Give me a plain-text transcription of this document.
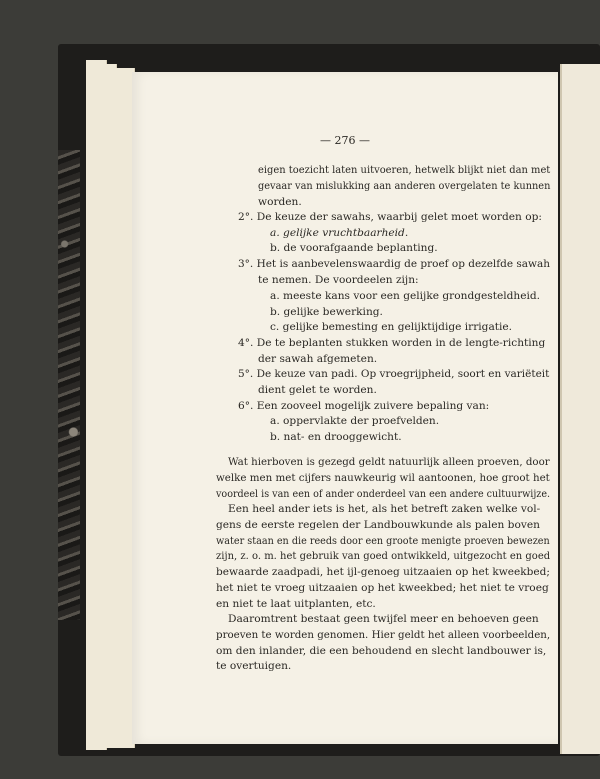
— 276 —
eigen toezicht laten uitvoeren, hetwelk blijkt niet dan met
gevaar van mislukking aan anderen overgelaten te kunnen
worden.
2°. De keuze der sawahs, waarbij gelet moet worden op:
a. gelijke vruchtbaarheid.
b. de voorafgaande beplanting.
3°. Het is aanbevelenswaardig de proef op dezelfde sawah
te nemen. De voordeelen zijn:
a. meeste kans voor een gelijke grondgesteldheid.
b. gelijke bewerking.
c. gelijke bemesting en gelijktijdige irrigatie.
4°. De te beplanten stukken worden in de lengte-richting
der sawah afgemeten.
5°. De keuze van padi. Op vroegrijpheid, soort en variëteit
dient gelet te worden.
6°. Een zooveel mogelijk zuivere bepaling van:
a. oppervlakte der proefvelden.
b. nat- en drooggewicht.
Wat hierboven is gezegd geldt natuurlijk alleen proeven, door
welke men met cijfers nauwkeurig wil aantoonen, hoe groot het
voordeel is van een of ander onderdeel van een andere cultuurwijze.
Een heel ander iets is het, als het betreft zaken welke vol-
gens de eerste regelen der Landbouwkunde als palen boven
water staan en die reeds door een groote menigte proeven bewezen
zijn, z. o. m. het gebruik van goed ontwikkeld, uitgezocht en goed
bewaarde zaadpadi, het ijl-genoeg uitzaaien op het kweekbed;
het niet te vroeg uitzaaien op het kweekbed; het niet te vroeg
en niet te laat uitplanten, etc.
Daaromtrent bestaat geen twijfel meer en behoeven geen
proeven te worden genomen. Hier geldt het alleen voorbeelden,
om den inlander, die een behoudend en slecht landbouwer is,
te overtuigen.
